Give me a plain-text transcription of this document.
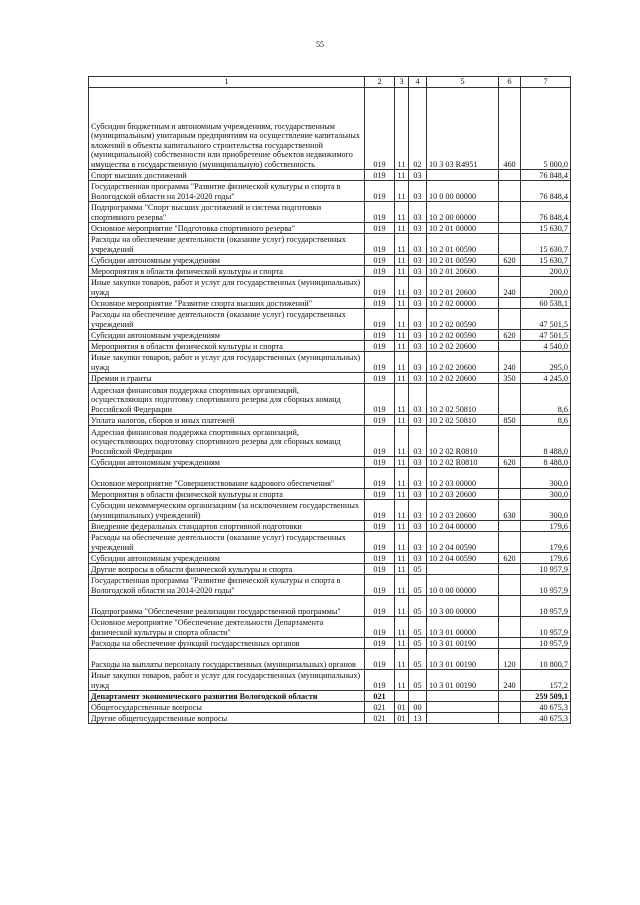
55
1	2	3	4	5	6	7
Субсидии бюджетным и автономным учреждениям, государственным (муниципальным) унитарным предприятиям на осуществление капитальных вложений в объекты капитального строительства государственной (муниципальной) собственности или приобретение объектов недвижимого имущества в государственную (муниципальную) собственность	019	11	02	10 3 03 R4951	460	5 000,0
Спорт высших достижений	019	11	03			76 848,4
Государственная программа "Развитие физической культуры и спорта в Вологодской области на 2014-2020 годы"	019	11	03	10 0 00 00000		76 848,4
Подпрограмма "Спорт высших достижений и система подготовки спортивного резерва"	019	11	03	10 2 00 00000		76 848,4
Основное мероприятие "Подготовка спортивного резерва"	019	11	03	10 2 01 00000		15 630,7
Расходы на обеспечение деятельности (оказание услуг) государственных учреждений	019	11	03	10 2 01 00590		15 630,7
Субсидии автономным учреждениям	019	11	03	10 2 01 00590	620	15 630,7
Мероприятия в области физической культуры и спорта	019	11	03	10 2 01 20600		200,0
Иные закупки товаров, работ и услуг для государственных (муниципальных) нужд	019	11	03	10 2 01 20600	240	200,0
Основное мероприятие "Развитие спорта высших достижений"	019	11	03	10 2 02 00000		60 538,1
Расходы на обеспечение деятельности (оказание услуг) государственных учреждений	019	11	03	10 2 02 00590		47 501,5
Субсидии автономным учреждениям	019	11	03	10 2 02 00590	620	47 501,5
Мероприятия в области физической культуры и спорта	019	11	03	10 2 02 20600		4 540,0
Иные закупки товаров, работ и услуг для государственных (муниципальных) нужд	019	11	03	10 2 02 20600	240	295,0
Премии и гранты	019	11	03	10 2 02 20600	350	4 245,0
Адресная финансовая поддержка спортивных организаций, осуществляющих подготовку спортивного резерва для сборных команд Российской Федерации	019	11	03	10 2 02 50810		8,6
Уплата налогов, сборов и иных платежей	019	11	03	10 2 02 50810	850	8,6
Адресная финансовая поддержка спортивных организаций, осуществляющих подготовку спортивного резерва для сборных команд Российской Федерации	019	11	03	10 2 02 R0810		8 488,0
Субсидии автономным учреждениям	019	11	03	10 2 02 R0810	620	8 488,0
Основное мероприятие "Совершенствование кадрового обеспечения"	019	11	03	10 2 03 00000		300,0
Мероприятия в области физической культуры и спорта	019	11	03	10 2 03 20600		300,0
Субсидии некоммерческим организациям (за исключением государственных (муниципальных) учреждений)	019	11	03	10 2 03 20600	630	300,0
Внедрение федеральных стандартов спортивной подготовки	019	11	03	10 2 04 00000		179,6
Расходы на обеспечение деятельности (оказание услуг) государственных учреждений	019	11	03	10 2 04 00590		179,6
Субсидии автономным учреждениям	019	11	03	10 2 04 00590	620	179,6
Другие вопросы в области физической культуры и спорта	019	11	05			10 957,9
Государственная программа "Развитие физической культуры и спорта в Вологодской области на 2014-2020 годы"	019	11	05	10 0 00 00000		10 957,9
Подпрограмма "Обеспечение реализации государственной программы"	019	11	05	10 3 00 00000		10 957,9
Основное мероприятие "Обеспечение деятельности Департамента физической культуры и спорта области"	019	11	05	10 3 01 00000		10 957,9
Расходы на обеспечение функций государственных органов	019	11	05	10 3 01 00190		10 957,9
Расходы на выплаты персоналу государственных (муниципальных) органов	019	11	05	10 3 01 00190	120	10 800,7
Иные закупки товаров, работ и услуг для государственных (муниципальных) нужд	019	11	05	10 3 01 00190	240	157,2
Департамент экономического развития Вологодской области	021					259 509,1
Общегосударственные вопросы	021	01	00			40 675,3
Другие общегосударственные вопросы	021	01	13			40 675,3
